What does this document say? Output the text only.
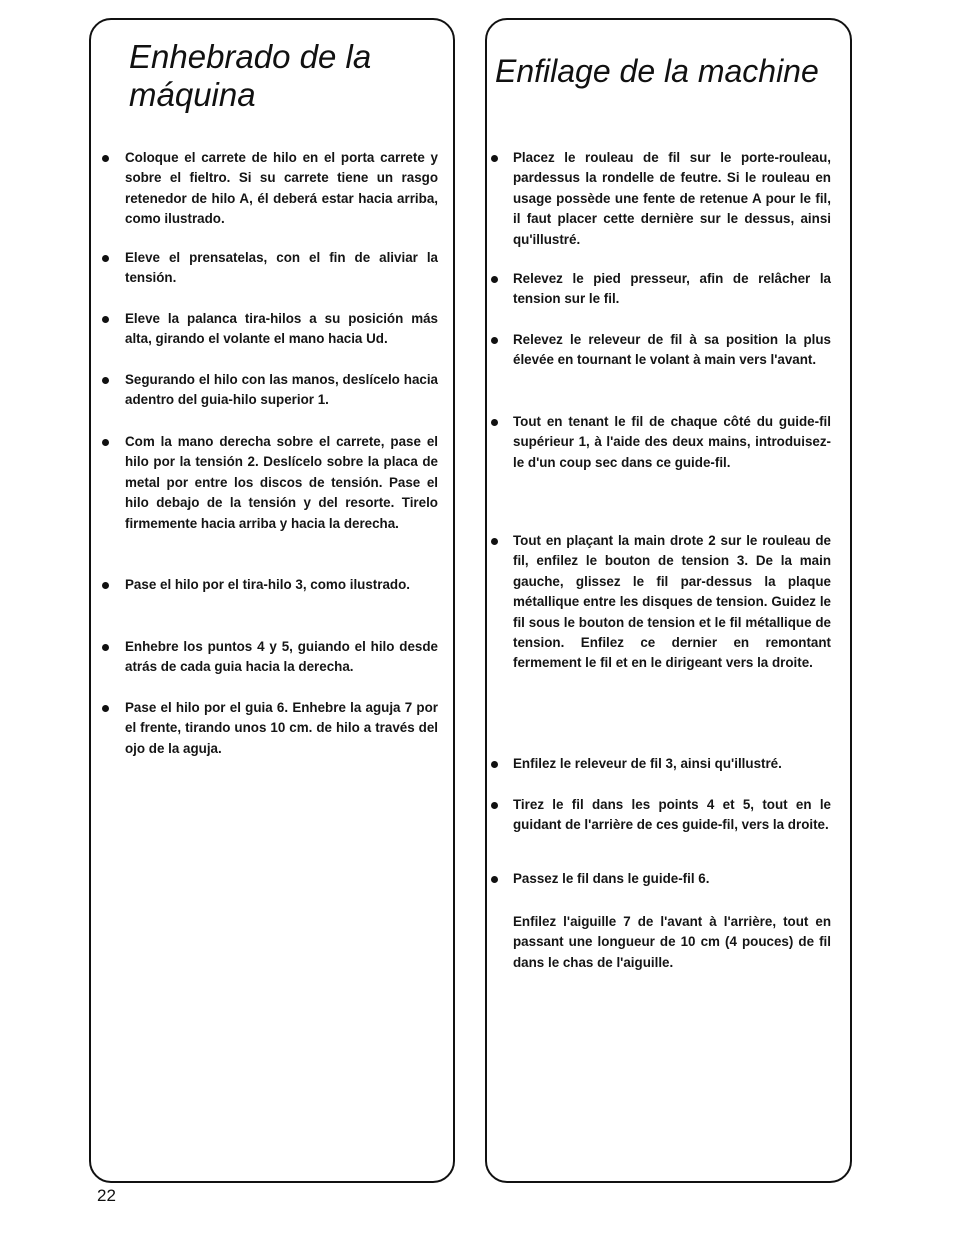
Enhebrado de la máquina
Coloque el carrete de hilo en el porta carrete y sobre el fieltro. Si su carrete tiene un rasgo retenedor de hilo A, él deberá estar hacia arriba, como ilustrado.
Eleve el prensatelas, con el fin de aliviar la tensión.
Eleve la palanca tira-hilos a su posición más alta, girando el volante el mano hacia Ud.
Segurando el hilo con las manos, deslícelo hacia adentro del guia-hilo superior 1.
Com la mano derecha sobre el carrete, pase el hilo por la tensión 2. Deslícelo sobre la placa de metal por entre los discos de tensión. Pase el hilo debajo de la tensión y del resorte. Tirelo firmemente hacia arriba y hacia la derecha.
Pase el hilo por el tira-hilo 3, como ilustrado.
Enhebre los puntos 4 y 5, guiando el hilo desde atrás de cada guia hacia la derecha.
Pase el hilo por el guia 6. Enhebre la aguja 7 por el frente, tirando unos 10 cm. de hilo a través del ojo de la aguja.
Enfilage de la machine
Placez le rouleau de fil sur le porte-rouleau, pardessus la rondelle de feutre. Si le rouleau en usage possède une fente de retenue A pour le fil, il faut placer cette dernière sur le dessus, ainsi qu'illustré.
Relevez le pied presseur, afin de relâcher la tension sur le fil.
Relevez le releveur de fil à sa position la plus élevée en tournant le volant à main vers l'avant.
Tout en tenant le fil de chaque côté du guide-fil supérieur 1, à l'aide des deux mains, introduisez-le d'un coup sec dans ce guide-fil.
Tout en plaçant la main drote 2 sur le rouleau de fil, enfilez le bouton de tension 3. De la main gauche, glissez le fil par-dessus la plaque métallique entre les disques de tension. Guidez le fil sous le bouton de tension et le fil métallique de tension. Enfilez ce dernier en remontant fermement le fil et en le dirigeant vers la droite.
Enfilez le releveur de fil 3, ainsi qu'illustré.
Tirez le fil dans les points 4 et 5, tout en le guidant de l'arrière de ces guide-fil, vers la droite.
Passez le fil dans le guide-fil 6.
Enfilez l'aiguille 7 de l'avant à l'arrière, tout en passant une longueur de 10 cm (4 pouces) de fil dans le chas de l'aiguille.
22
